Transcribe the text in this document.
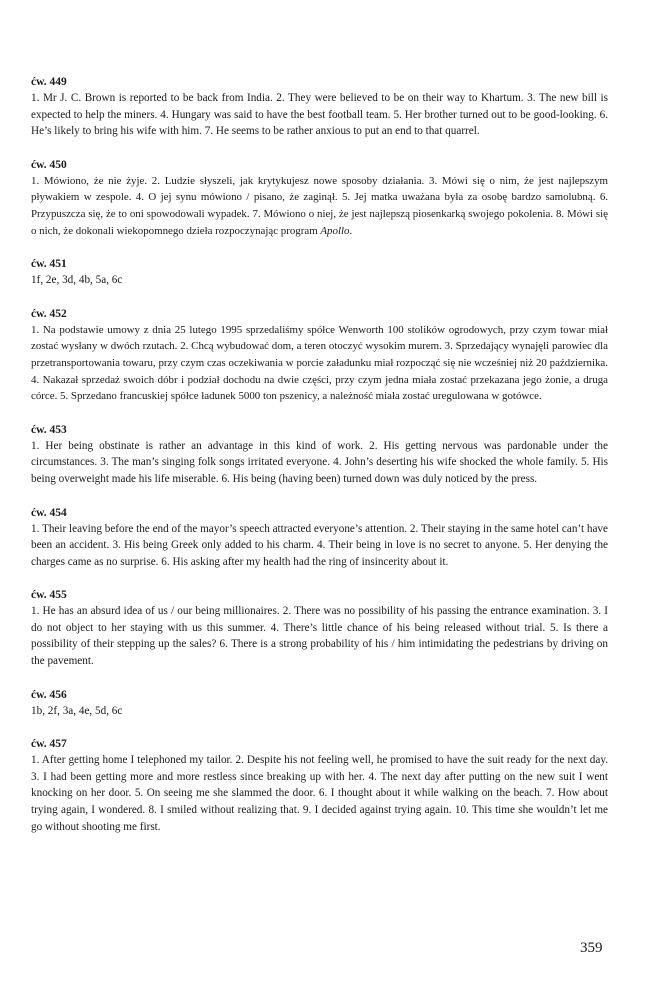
ćw. 449

1. Mr J. C. Brown is reported to be back from India. 2. They were believed to be on their way to Khartum. 3. The new bill is expected to help the miners. 4. Hungary was said to have the best football team. 5. Her brother turned out to be good-looking. 6. He’s likely to bring his wife with him. 7. He seems to be rather anxious to put an end to that quarrel.

ćw. 450

1. Mówiono, że nie żyje. 2. Ludzie słyszeli, jak krytykujesz nowe sposoby działania. 3. Mówi się o nim, że jest najlepszym pływakiem w zespole. 4. O jej synu mówiono / pisano, że zaginął. 5. Jej matka uważana była za osobę bardzo samolubną. 6. Przypuszcza się, że to oni spowodowali wypadek. 7. Mówiono o niej, że jest najlepszą piosenkarką swojego pokolenia. 8. Mówi się o nich, że dokonali wiekopomnego dzieła rozpoczynając program Apollo.

ćw. 451

1f, 2e, 3d, 4b, 5a, 6c

ćw. 452

1. Na podstawie umowy z dnia 25 lutego 1995 sprzedaliśmy spółce Wenworth 100 stolików ogrodowych, przy czym towar miał zostać wysłany w dwóch rzutach. 2. Chcą wybudować dom, a teren otoczyć wysokim murem. 3. Sprzedający wynajęli parowiec dla przetransportowania towaru, przy czym czas oczekiwania w porcie załadunku miał rozpocząć się nie wcześniej niż 20 października. 4. Nakazał sprzedaż swoich dóbr i podział dochodu na dwie części, przy czym jedna miała zostać przekazana jego żonie, a druga córce. 5. Sprzedano francuskiej spółce ładunek 5000 ton pszenicy, a należność miała zostać uregulowana w gotówce.

ćw. 453

1. Her being obstinate is rather an advantage in this kind of work. 2. His getting nervous was pardonable under the circumstances. 3. The man’s singing folk songs irritated everyone. 4. John’s deserting his wife shocked the whole family. 5. His being overweight made his life miserable. 6. His being (having been) turned down was duly noticed by the press.

ćw. 454

1. Their leaving before the end of the mayor’s speech attracted everyone’s attention. 2. Their staying in the same hotel can’t have been an accident. 3. His being Greek only added to his charm. 4. Their being in love is no secret to anyone. 5. Her denying the charges came as no surprise. 6. His asking after my health had the ring of insincerity about it.

ćw. 455

1. He has an absurd idea of us / our being millionaires. 2. There was no possibility of his passing the entrance examination. 3. I do not object to her staying with us this summer. 4. There’s little chance of his being released without trial. 5. Is there a possibility of their stepping up the sales? 6. There is a strong probability of his / him intimidating the pedestrians by driving on the pavement.

ćw. 456

1b, 2f, 3a, 4e, 5d, 6c

ćw. 457

1. After getting home I telephoned my tailor. 2. Despite his not feeling well, he promised to have the suit ready for the next day. 3. I had been getting more and more restless since breaking up with her. 4. The next day after putting on the new suit I went knocking on her door. 5. On seeing me she slammed the door. 6. I thought about it while walking on the beach. 7. How about trying again, I wondered. 8. I smiled without realizing that. 9. I decided against trying again. 10. This time she wouldn’t let me go without shooting me first.

359
